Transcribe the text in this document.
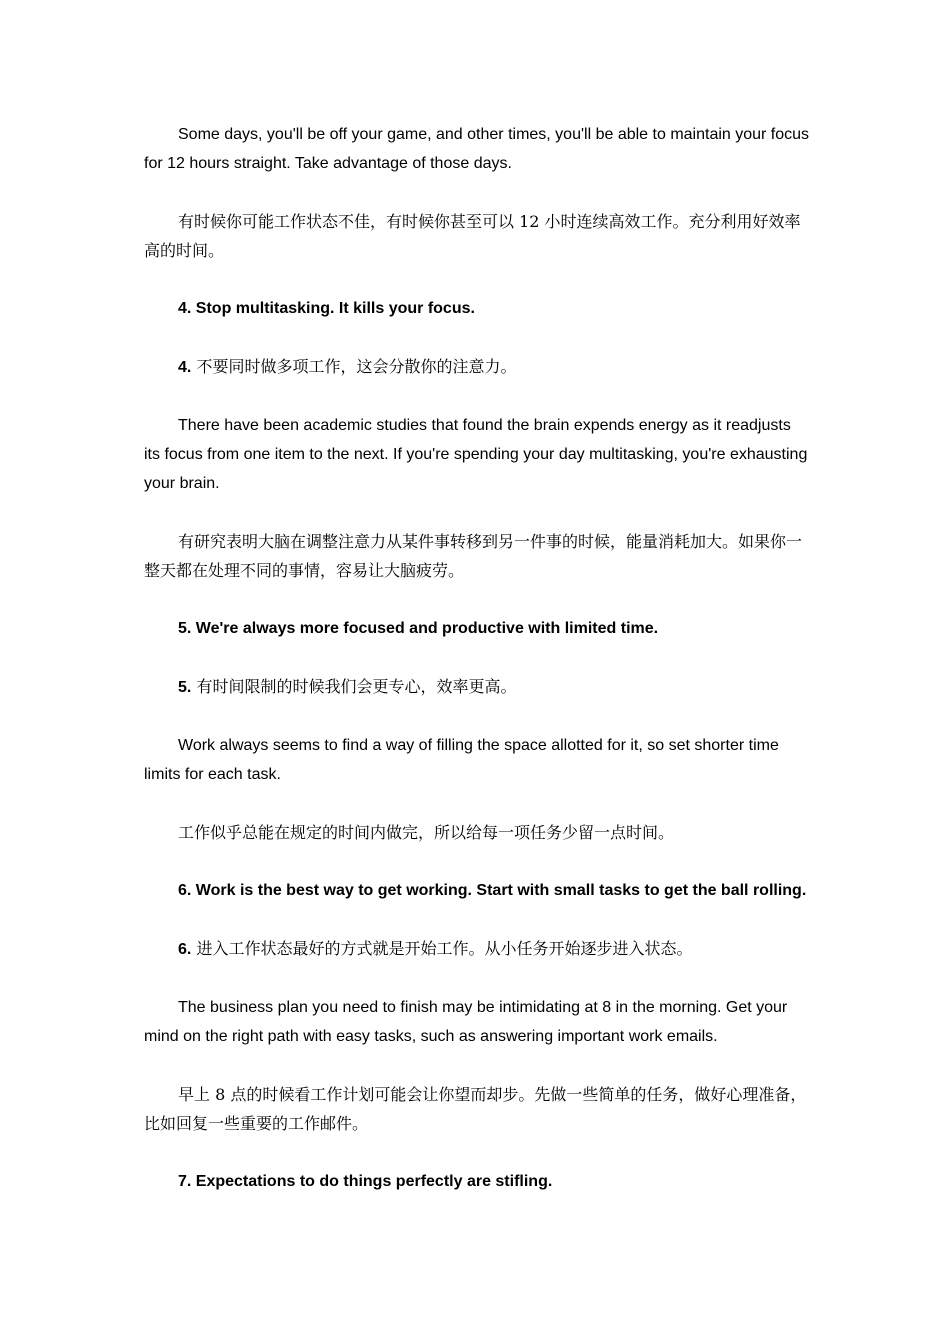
Some days, you'll be off your game, and other times, you'll be able to maintain your focus for 12 hours straight. Take advantage of those days.

有时候你可能工作状态不佳，有时候你甚至可以 12 小时连续高效工作。充分利用好效率高的时间。

4. Stop multitasking. It kills your focus.

4. 不要同时做多项工作，这会分散你的注意力。

There have been academic studies that found the brain expends energy as it readjusts its focus from one item to the next. If you're spending your day multitasking, you're exhausting your brain.

有研究表明大脑在调整注意力从某件事转移到另一件事的时候，能量消耗加大。如果你一整天都在处理不同的事情，容易让大脑疲劳。

5. We're always more focused and productive with limited time.

5. 有时间限制的时候我们会更专心，效率更高。

Work always seems to find a way of filling the space allotted for it, so set shorter time limits for each task.

工作似乎总能在规定的时间内做完，所以给每一项任务少留一点时间。

6. Work is the best way to get working. Start with small tasks to get the ball rolling.

6. 进入工作状态最好的方式就是开始工作。从小任务开始逐步进入状态。

The business plan you need to finish may be intimidating at 8 in the morning. Get your mind on the right path with easy tasks, such as answering important work emails.

早上 8 点的时候看工作计划可能会让你望而却步。先做一些简单的任务，做好心理准备，比如回复一些重要的工作邮件。

7. Expectations to do things perfectly are stifling.
